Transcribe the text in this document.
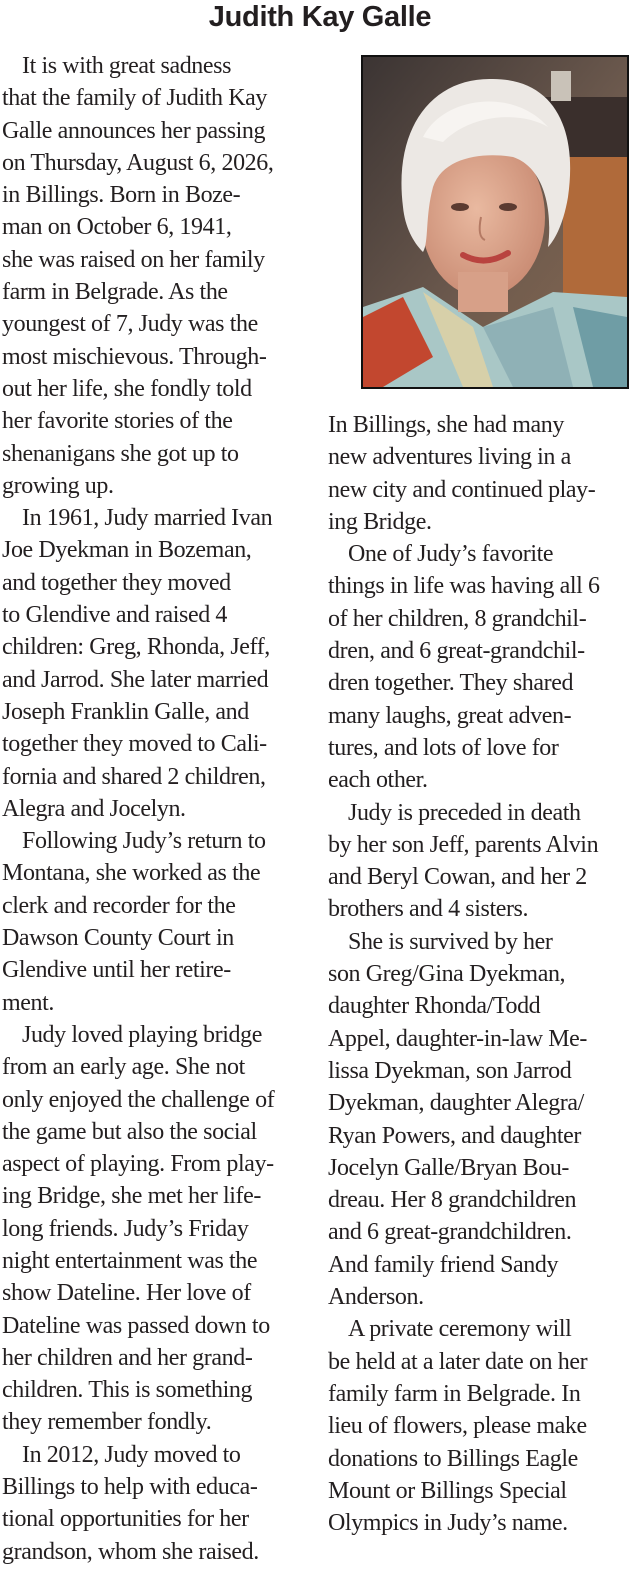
Judith Kay Galle
It is with great sadness
that the family of Judith Kay
Galle announces her passing
on Thursday, August 6, 2026,
in Billings. Born in Boze-
man on October 6, 1941,
she was raised on her family
farm in Belgrade. As the
youngest of 7, Judy was the
most mischievous. Through-
out her life, she fondly told
her favorite stories of the
shenanigans she got up to
growing up.
In 1961, Judy married Ivan
Joe Dyekman in Bozeman,
and together they moved
to Glendive and raised 4
children: Greg, Rhonda, Jeff,
and Jarrod. She later married
Joseph Franklin Galle, and
together they moved to Cali-
fornia and shared 2 children,
Alegra and Jocelyn.
Following Judy’s return to
Montana, she worked as the
clerk and recorder for the
Dawson County Court in
Glendive until her retire-
ment.
Judy loved playing bridge
from an early age. She not
only enjoyed the challenge of
the game but also the social
aspect of playing. From play-
ing Bridge, she met her life-
long friends. Judy’s Friday
night entertainment was the
show Dateline. Her love of
Dateline was passed down to
her children and her grand-
children. This is something
they remember fondly.
In 2012, Judy moved to
Billings to help with educa-
tional opportunities for her
grandson, whom she raised.
In Billings, she had many
new adventures living in a
new city and continued play-
ing Bridge.
One of Judy’s favorite
things in life was having all 6
of her children, 8 grandchil-
dren, and 6 great-grandchil-
dren together. They shared
many laughs, great adven-
tures, and lots of love for
each other.
Judy is preceded in death
by her son Jeff, parents Alvin
and Beryl Cowan, and her 2
brothers and 4 sisters.
She is survived by her
son Greg/Gina Dyekman,
daughter Rhonda/Todd
Appel, daughter-in-law Me-
lissa Dyekman, son Jarrod
Dyekman, daughter Alegra/
Ryan Powers, and daughter
Jocelyn Galle/Bryan Bou-
dreau. Her 8 grandchildren
and 6 great-grandchildren.
And family friend Sandy
Anderson.
A private ceremony will
be held at a later date on her
family farm in Belgrade. In
lieu of flowers, please make
donations to Billings Eagle
Mount or Billings Special
Olympics in Judy’s name.
